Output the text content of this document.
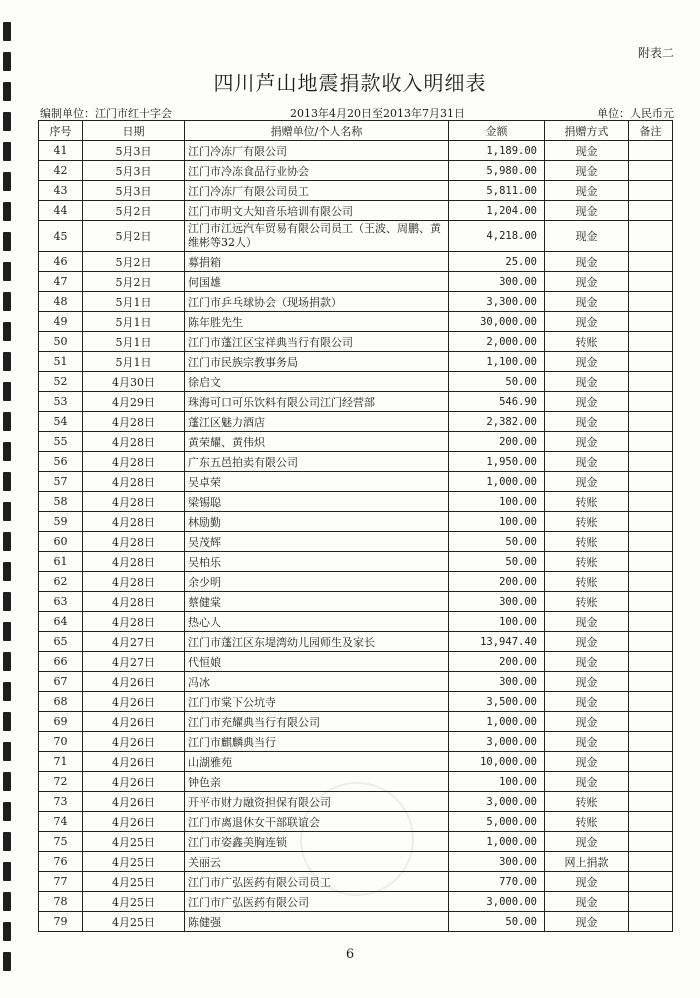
附表二
四川芦山地震捐款收入明细表
编制单位：江门市红十字会	2013年4月20日至2013年7月31日	单位：人民币元
序号	日期	捐赠单位/个人名称	金额	捐赠方式	备注
41	5月3日	江门冷冻厂有限公司	1,189.00	现金	
42	5月3日	江门市冷冻食品行业协会	5,980.00	现金	
43	5月3日	江门冷冻厂有限公司员工	5,811.00	现金	
44	5月2日	江门市明文大知音乐培训有限公司	1,204.00	现金	
45	5月2日	江门市江远汽车贸易有限公司员工（王波、周鹏、黄维彬等32人）	4,218.00	现金	
46	5月2日	募捐箱	25.00	现金	
47	5月2日	何国雄	300.00	现金	
48	5月1日	江门市乒乓球协会（现场捐款）	3,300.00	现金	
49	5月1日	陈年胜先生	30,000.00	现金	
50	5月1日	江门市蓬江区宝祥典当行有限公司	2,000.00	转账	
51	5月1日	江门市民族宗教事务局	1,100.00	现金	
52	4月30日	徐启文	50.00	现金	
53	4月29日	珠海可口可乐饮料有限公司江门经营部	546.90	现金	
54	4月28日	蓬江区魅力酒店	2,382.00	现金	
55	4月28日	黄荣耀、黄伟炽	200.00	现金	
56	4月28日	广东五邑拍卖有限公司	1,950.00	现金	
57	4月28日	吴卓荣	1,000.00	现金	
58	4月28日	梁锡聪	100.00	转账	
59	4月28日	林励勤	100.00	转账	
60	4月28日	吴茂辉	50.00	转账	
61	4月28日	吴柏乐	50.00	转账	
62	4月28日	余少明	200.00	转账	
63	4月28日	蔡健棠	300.00	转账	
64	4月28日	热心人	100.00	现金	
65	4月27日	江门市蓬江区东堤湾幼儿园师生及家长	13,947.40	现金	
66	4月27日	代恒娘	200.00	现金	
67	4月26日	冯冰	300.00	现金	
68	4月26日	江门市棠下公坑寺	3,500.00	现金	
69	4月26日	江门市充耀典当行有限公司	1,000.00	现金	
70	4月26日	江门市麒麟典当行	3,000.00	现金	
71	4月26日	山湖雅苑	10,000.00	现金	
72	4月26日	钟色亲	100.00	现金	
73	4月26日	开平市财力融资担保有限公司	3,000.00	转账	
74	4月26日	江门市离退休女干部联谊会	5,000.00	转账	
75	4月25日	江门市姿鑫美胸连锁	1,000.00	现金	
76	4月25日	关丽云	300.00	网上捐款	
77	4月25日	江门市广弘医药有限公司员工	770.00	现金	
78	4月25日	江门市广弘医药有限公司	3,000.00	现金	
79	4月25日	陈健强	50.00	现金	
6
